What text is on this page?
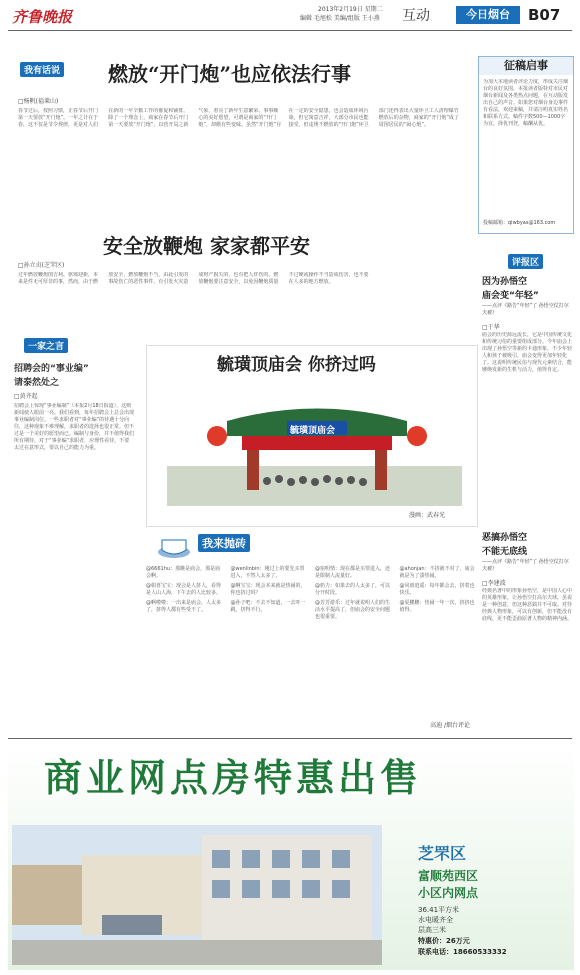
齐鲁晚报	2013年2月19日 星期二
编辑 毛旭松 美编/组版 王小燕 互动	今日烟台	B07
我有话说 燃放“开门炮”也应依法行事
□杨帆(福莱山)
春节过后，按照习惯，正春节后开门第一天要放“开门炮”。一年之计在于春，这不仅是节令规律，更是对人们在新的一年辛勤工作的催促和铺排。除了一个理念上，商家在春节后开门第一天要放“开门炮”，以营开局之新气象，着亮了新年生意繁荣、事事顺心的美好愿望，可谓是商家的“开门炮”，却颇有些变味。虽然“开门炮”存在一定的安全隐患，也会造成环境污染，但它寓意吉祥，大部分市民也能接受，但违规不燃放的“开门炮”环卫部门还得表出大量环卫工人清理爆竹燃放后的杂物，商家的“开门炮”成了周围居民的“闹心炮”。
安全放鞭炮 家家都平安
□孙立贞(芝罘区)
过年燃放鞭炮图吉利、驱邪迎新，本来是件无可厚非的事，然而，由于燃放安全，燃放鞭炮不当，由此引发的事故伤亡的恶性事件，有引发火灾造成财产损失的，也有把人炸伤的。燃放鞭炮要注意安全，以免因鞭炮质量不过硬或操作不当造成伤害，也不要在人多的地方燃放。
一家之言
招聘会的“事业编”
请泰然处之
□黄齐起
招聘会上惊现“事业编制”（本报2月18日报道），这则新闻使人眼前一亮。我们看到，每年招聘会上总会出现事业编制岗位。一些求职者对“事业编”的待遇十分向往，这种现象不难理解，求职者的选择也很正常。但不过是一个美好的愿望而已。编制与身份，并不值得我们所有期待。对于“事业编”求职者，应理性看待，不要太过在意形式，要以自己的能力为重。
毓璜顶庙会 你挤过吗
毓璜顶庙会
漫画：武春光
我来抛砖

@6661hu：那瞧是庙会，那是庙会啊。

@娟喜宝宝：现会是人挤人，看得是人山人海，下午去的人比较多。

@啊啦啦：一出来是庙会，人太多了，挤得人都有些受不了。

@wenlinbin：刚过上的要先买票进入，不然人太多了。

@啊宝宝：现会本来就是热闹的，你也挤过吗？

@孙子吧：不去不知道，一去吓一跳，挤得不行。

@宿明情：现在都是买票进入，还是限制人流量好。

@奶力：如果去的人太多了，可以分开时段。

@芳芳游乐：过年就说明人们的生活水平提高了，但庙会的安全问题也很重要。

@ahonjan：不挤就不对了，庙会就是为了凑热闹。

@风雨逍遥：每年都会去，挤着也快乐。

@夏鹏鹏：热闹一年一次，挤挤也值得。

高迪 /烟台评论
征稿启事
为加大本地读者评论力度，形成关注烟台的良好氛围，本报读者版特对市民对烟台新闻及各类热点问题，在互动版发出自己的声音。如果您对烟台身边事件有看法，欢迎来稿，并请注明真实姓名和联系方式。稿件字数500—1000字为宜，择优刊登，稿酬从优。
投稿邮箱：qlwbyas@163.com
评报区
因为孙悟空
庙会变“年轻”
——点评《路告“年轻”了 孙悟空仗打尔夫被》
□于华
庙会的历史源远流长，它是中国传统文化和传统习俗的重要组成部分。今年庙会上出现了孙悟空等新的卡通形象，不少年轻人和孩子被吸引，庙会变得更加年轻化了。这说明传统民俗与现代元素结合，能够焕发新的生机与活力，值得肯定。
恶搞孙悟空
不能无底线
——点评《路告“年轻”了 孙悟空仗打尔夫被》
□李建波
经典名著中的形象孙悟空，是中国人心中的英雄形象，让孙悟空打高尔夫球，虽说是一种创意，但这种恶搞并不可取。对待经典人物形象，可以有创新，但不能没有底线，更不能歪曲原著人物的精神内涵。
商业网点房特惠出售
芝罘区
富顺苑西区
小区内网点
36.41平方米
水电暖齐全
层高三米
特惠价：26万元
联系电话：18660533332
